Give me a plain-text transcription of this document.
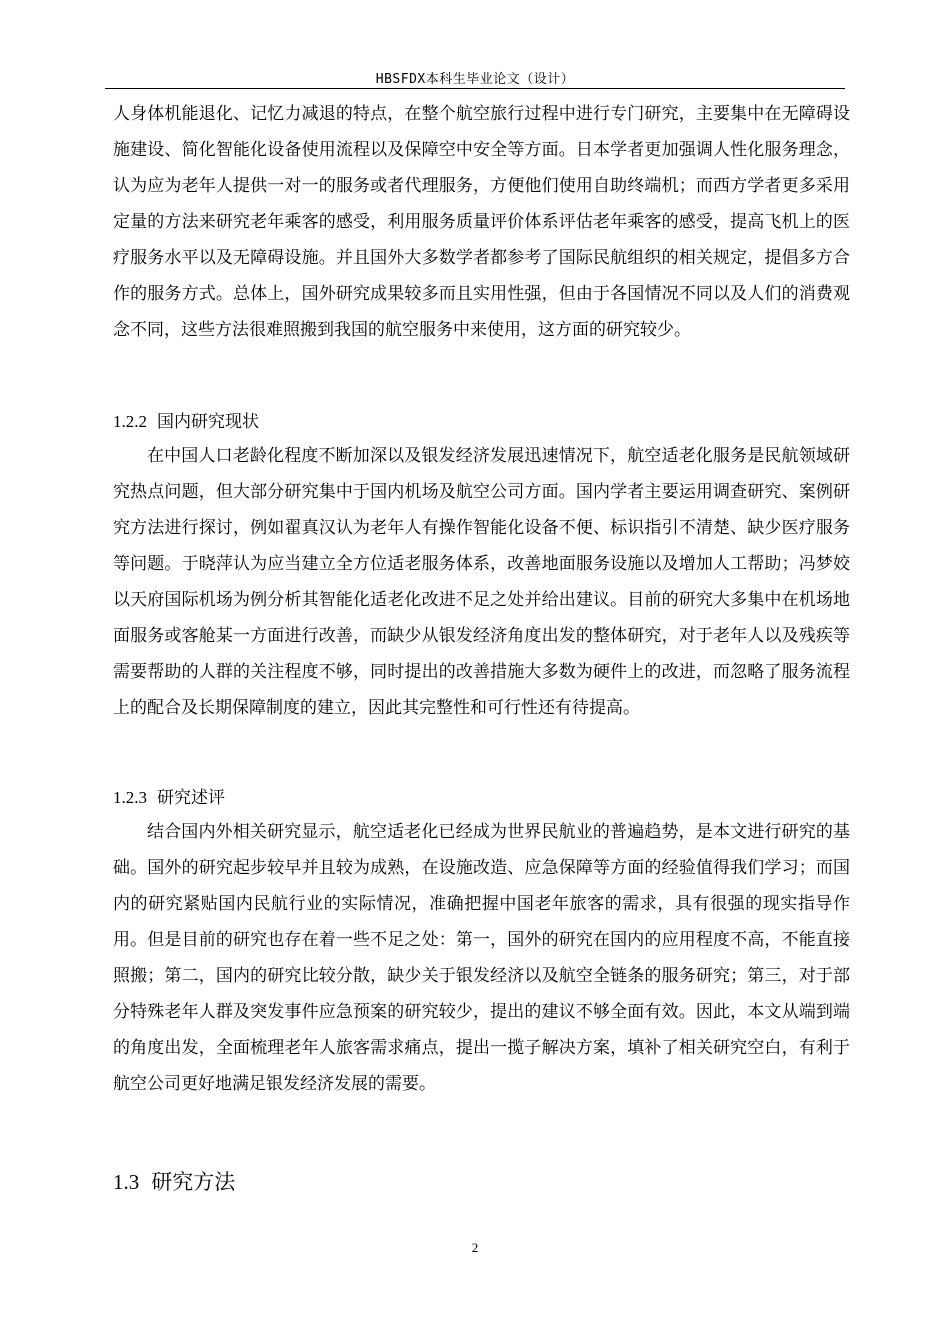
HBSFDX本科生毕业论文（设计）
人身体机能退化、记忆力减退的特点，在整个航空旅行过程中进行专门研究，主要集中在无障碍设施建设、简化智能化设备使用流程以及保障空中安全等方面。日本学者更加强调人性化服务理念，认为应为老年人提供一对一的服务或者代理服务，方便他们使用自助终端机；而西方学者更多采用定量的方法来研究老年乘客的感受，利用服务质量评价体系评估老年乘客的感受，提高飞机上的医疗服务水平以及无障碍设施。并且国外大多数学者都参考了国际民航组织的相关规定，提倡多方合作的服务方式。总体上，国外研究成果较多而且实用性强，但由于各国情况不同以及人们的消费观念不同，这些方法很难照搬到我国的航空服务中来使用，这方面的研究较少。
1.2.2 国内研究现状
在中国人口老龄化程度不断加深以及银发经济发展迅速情况下，航空适老化服务是民航领域研究热点问题，但大部分研究集中于国内机场及航空公司方面。国内学者主要运用调查研究、案例研究方法进行探讨，例如翟真汉认为老年人有操作智能化设备不便、标识指引不清楚、缺少医疗服务等问题。于晓萍认为应当建立全方位适老服务体系，改善地面服务设施以及增加人工帮助；冯梦姣以天府国际机场为例分析其智能化适老化改进不足之处并给出建议。目前的研究大多集中在机场地面服务或客舱某一方面进行改善，而缺少从银发经济角度出发的整体研究，对于老年人以及残疾等需要帮助的人群的关注程度不够，同时提出的改善措施大多数为硬件上的改进，而忽略了服务流程上的配合及长期保障制度的建立，因此其完整性和可行性还有待提高。
1.2.3 研究述评
结合国内外相关研究显示，航空适老化已经成为世界民航业的普遍趋势，是本文进行研究的基础。国外的研究起步较早并且较为成熟，在设施改造、应急保障等方面的经验值得我们学习；而国内的研究紧贴国内民航行业的实际情况，准确把握中国老年旅客的需求，具有很强的现实指导作用。但是目前的研究也存在着一些不足之处：第一，国外的研究在国内的应用程度不高，不能直接照搬；第二，国内的研究比较分散，缺少关于银发经济以及航空全链条的服务研究；第三，对于部分特殊老年人群及突发事件应急预案的研究较少，提出的建议不够全面有效。因此，本文从端到端的角度出发，全面梳理老年人旅客需求痛点，提出一揽子解决方案，填补了相关研究空白，有利于航空公司更好地满足银发经济发展的需要。
1.3 研究方法
2
